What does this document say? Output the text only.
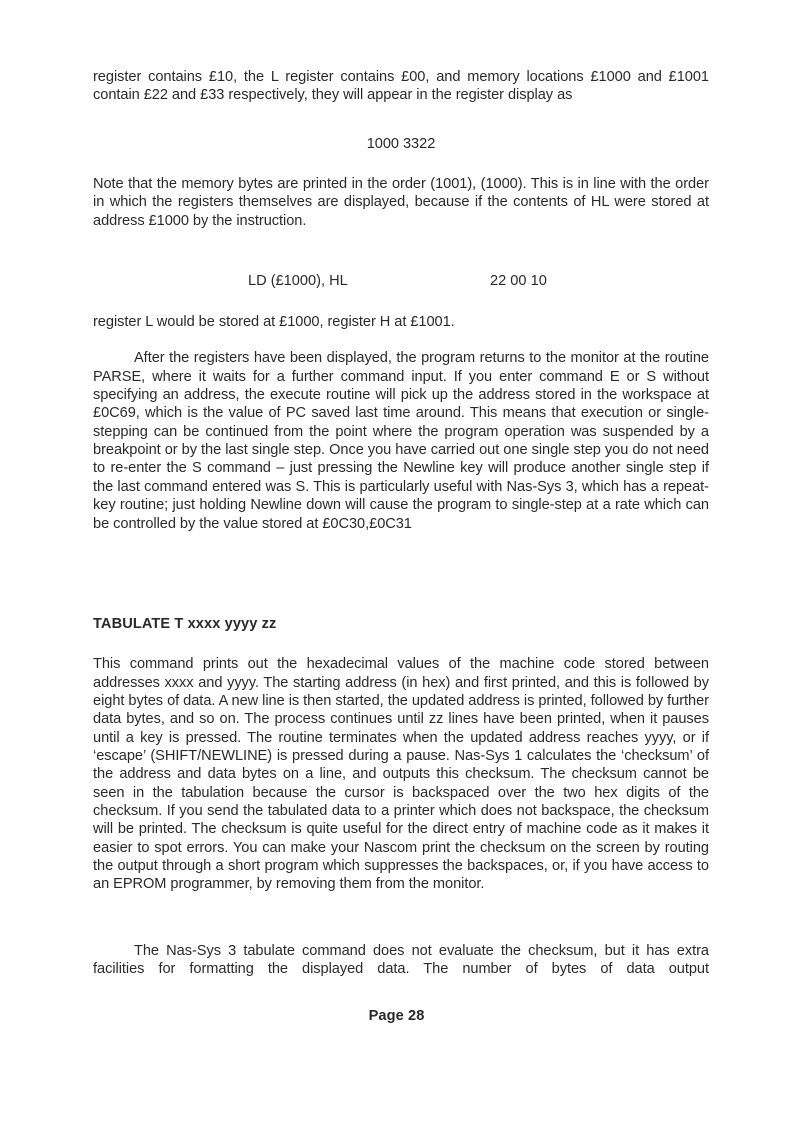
register contains £10, the L register contains £00, and memory locations £1000 and £1001 contain £22 and £33 respectively, they will appear in the register display as

1000 3322

Note that the memory bytes are printed in the order (1001), (1000). This is in line with the order in which the registers themselves are displayed, because if the contents of HL were stored at address £1000 by the instruction.

LD (£1000), HL	22 00 10

register L would be stored at £1000, register H at £1001.

After the registers have been displayed, the program returns to the monitor at the routine PARSE, where it waits for a further command input. If you enter command E or S without specifying an address, the execute routine will pick up the address stored in the workspace at £0C69, which is the value of PC saved last time around. This means that execution or single-stepping can be continued from the point where the program operation was suspended by a breakpoint or by the last single step. Once you have carried out one single step you do not need to re-enter the S command – just pressing the Newline key will produce another single step if the last command entered was S. This is particularly useful with Nas-Sys 3, which has a repeat-key routine; just holding Newline down will cause the program to single-step at a rate which can be controlled by the value stored at £0C30,£0C31

TABULATE T xxxx yyyy zz

This command prints out the hexadecimal values of the machine code stored between addresses xxxx and yyyy. The starting address (in hex) and first printed, and this is followed by eight bytes of data. A new line is then started, the updated address is printed, followed by further data bytes, and so on. The process continues until zz lines have been printed, when it pauses until a key is pressed. The routine terminates when the updated address reaches yyyy, or if ‘escape’ (SHIFT/NEWLINE) is pressed during a pause. Nas-Sys 1 calculates the ‘checksum’ of the address and data bytes on a line, and outputs this checksum. The checksum cannot be seen in the tabulation because the cursor is backspaced over the two hex digits of the checksum. If you send the tabulated data to a printer which does not backspace, the checksum will be printed. The checksum is quite useful for the direct entry of machine code as it makes it easier to spot errors. You can make your Nascom print the checksum on the screen by routing the output through a short program which suppresses the backspaces, or, if you have access to an EPROM programmer, by removing them from the monitor.

The Nas-Sys 3 tabulate command does not evaluate the checksum, but it has extra facilities for formatting the displayed data. The number of bytes of data output

Page 28
